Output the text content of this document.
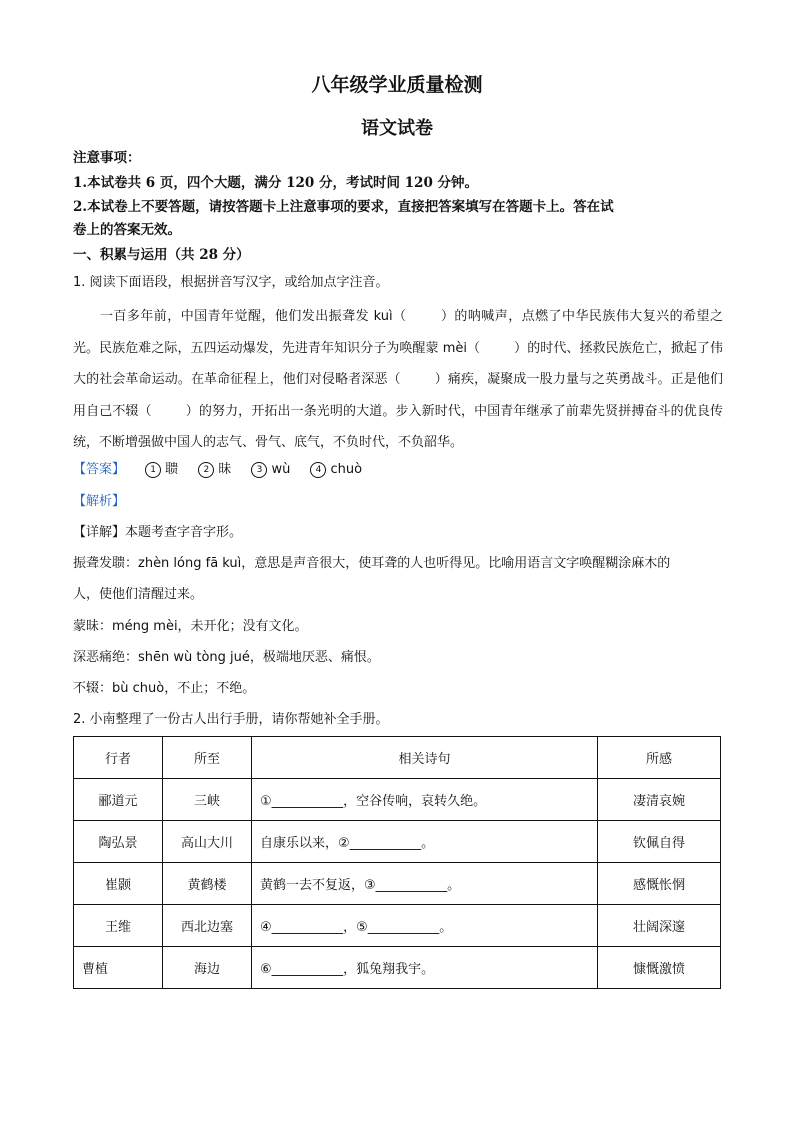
八年级学业质量检测
语文试卷
注意事项：
1.本试卷共 6 页，四个大题，满分 120 分，考试时间 120 分钟。
2.本试卷上不要答题，请按答题卡上注意事项的要求，直接把答案填写在答题卡上。答在试
卷上的答案无效。
一、积累与运用（共 28 分）
1. 阅读下面语段，根据拼音写汉字，或给加点字注音。
一百多年前，中国青年觉醒，他们发出振聋发 kuì（	）的呐喊声，点燃了中华民族伟大复兴的希望之光。民族危难之际，五四运动爆发，先进青年知识分子为唤醒蒙 mèi（	）的时代、拯救民族危亡，掀起了伟大的社会革命运动。在革命征程上，他们对侵略者深恶（	）痛疾，凝聚成一股力量与之英勇战斗。正是他们用自己不辍（	）的努力，开拓出一条光明的大道。步入新时代，中国青年继承了前辈先贤拼搏奋斗的优良传统，不断增强做中国人的志气、骨气、底气，不负时代，不负韶华。
【答案】	1 聩	2 昧	3 wù	4 chuò
【解析】
【详解】本题考查字音字形。
振聋发聩：zhèn lóng fā kuì，意思是声音很大，使耳聋的人也听得见。比喻用语言文字唤醒糊涂麻木的
人，使他们清醒过来。
蒙昧：méng mèi，未开化；没有文化。
深恶痛绝：shēn wù tòng jué，极端地厌恶、痛恨。
不辍：bù chuò，不止；不绝。
2. 小南整理了一份古人出行手册，请你帮她补全手册。
行者	所至	相关诗句	所感
郦道元	三峡	①___________，空谷传响，哀转久绝。	凄清哀婉
陶弘景	高山大川	自康乐以来，②___________。	钦佩自得
崔颢	黄鹤楼	黄鹤一去不复返，③___________。	感慨怅惘
王维	西北边塞	④___________，⑤___________。	壮阔深邃
曹植	海边	⑥___________，狐兔翔我宇。	慷慨激愤
